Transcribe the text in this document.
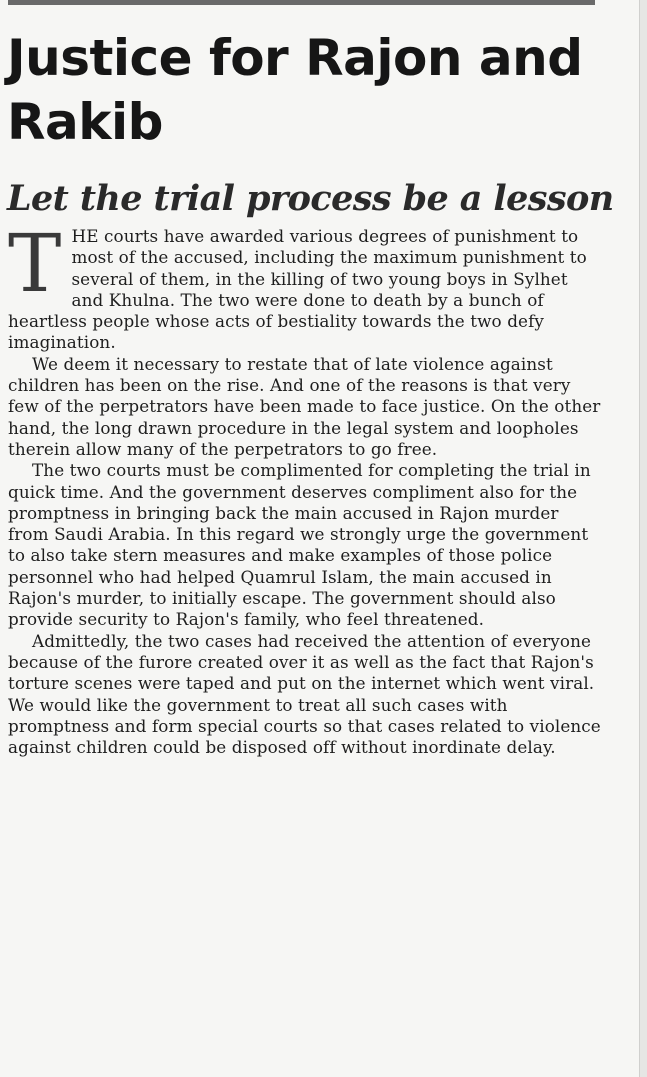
Justice for Rajon and Rakib
Let the trial process be a lesson

THE courts have awarded various degrees of punishment to most of the accused, including the maximum punishment to several of them, in the killing of two young boys in Sylhet and Khulna. The two were done to death by a bunch of heartless people whose acts of bestiality towards the two defy imagination.

We deem it necessary to restate that of late violence against children has been on the rise. And one of the reasons is that very few of the perpetrators have been made to face justice. On the other hand, the long drawn procedure in the legal system and loopholes therein allow many of the perpetrators to go free.

The two courts must be complimented for completing the trial in quick time. And the government deserves compliment also for the promptness in bringing back the main accused in Rajon murder from Saudi Arabia. In this regard we strongly urge the government to also take stern measures and make examples of those police personnel who had helped Quamrul Islam, the main accused in Rajon's murder, to initially escape. The government should also provide security to Rajon's family, who feel threatened.

Admittedly, the two cases had received the attention of everyone because of the furore created over it as well as the fact that Rajon's torture scenes were taped and put on the internet which went viral. We would like the government to treat all such cases with promptness and form special courts so that cases related to violence against children could be disposed off without inordinate delay.
